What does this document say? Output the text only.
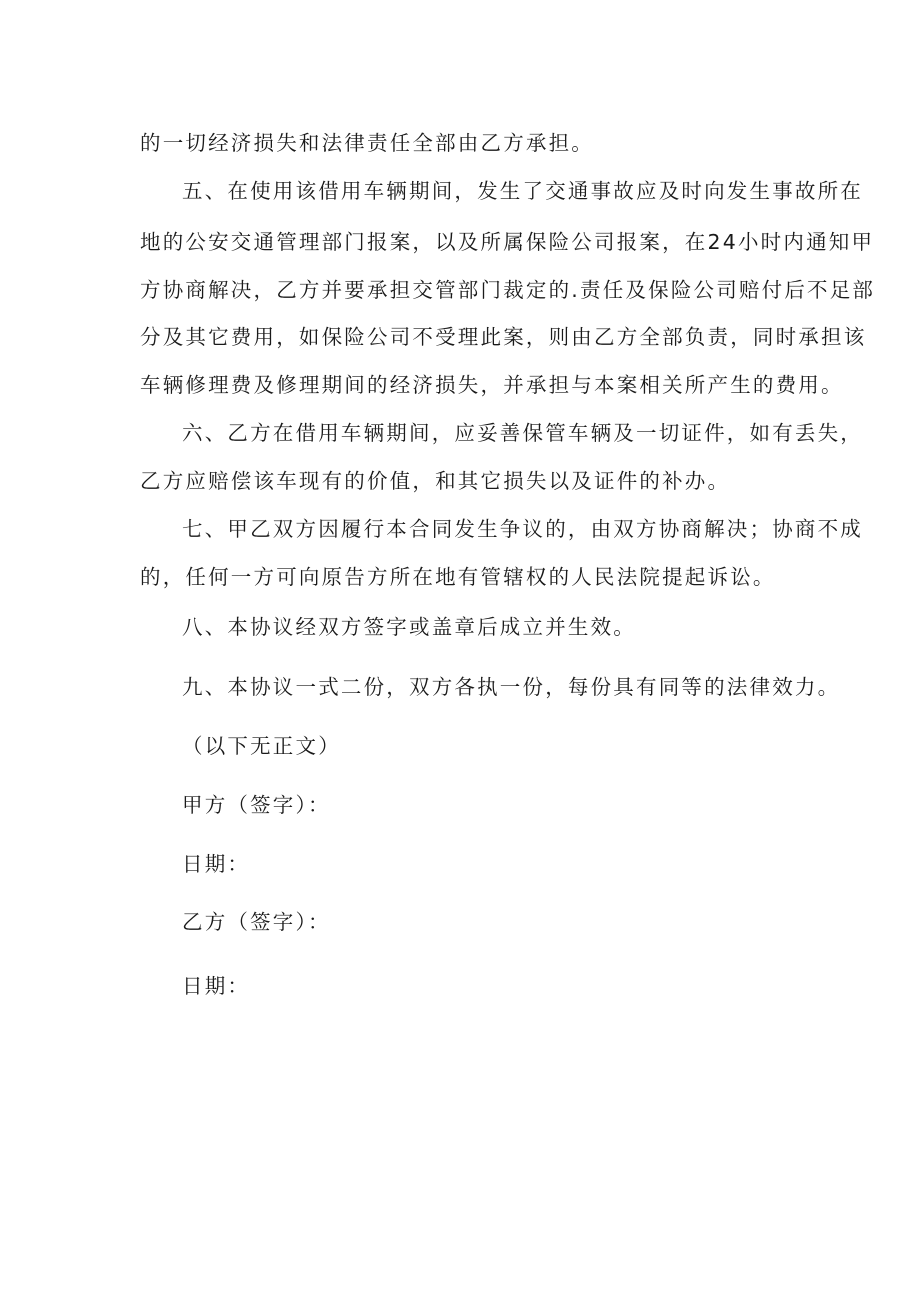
的一切经济损失和法律责任全部由乙方承担。
五、在使用该借用车辆期间，发生了交通事故应及时向发生事故所在
地的公安交通管理部门报案，以及所属保险公司报案，在24小时内通知甲
方协商解决，乙方并要承担交管部门裁定的.责任及保险公司赔付后不足部
分及其它费用，如保险公司不受理此案，则由乙方全部负责，同时承担该
车辆修理费及修理期间的经济损失，并承担与本案相关所产生的费用。
六、乙方在借用车辆期间，应妥善保管车辆及一切证件，如有丢失，
乙方应赔偿该车现有的价值，和其它损失以及证件的补办。
七、甲乙双方因履行本合同发生争议的，由双方协商解决；协商不成
的，任何一方可向原告方所在地有管辖权的人民法院提起诉讼。
八、本协议经双方签字或盖章后成立并生效。
九、本协议一式二份，双方各执一份，每份具有同等的法律效力。
（以下无正文）
甲方（签字）：
日期：
乙方（签字）：
日期：
